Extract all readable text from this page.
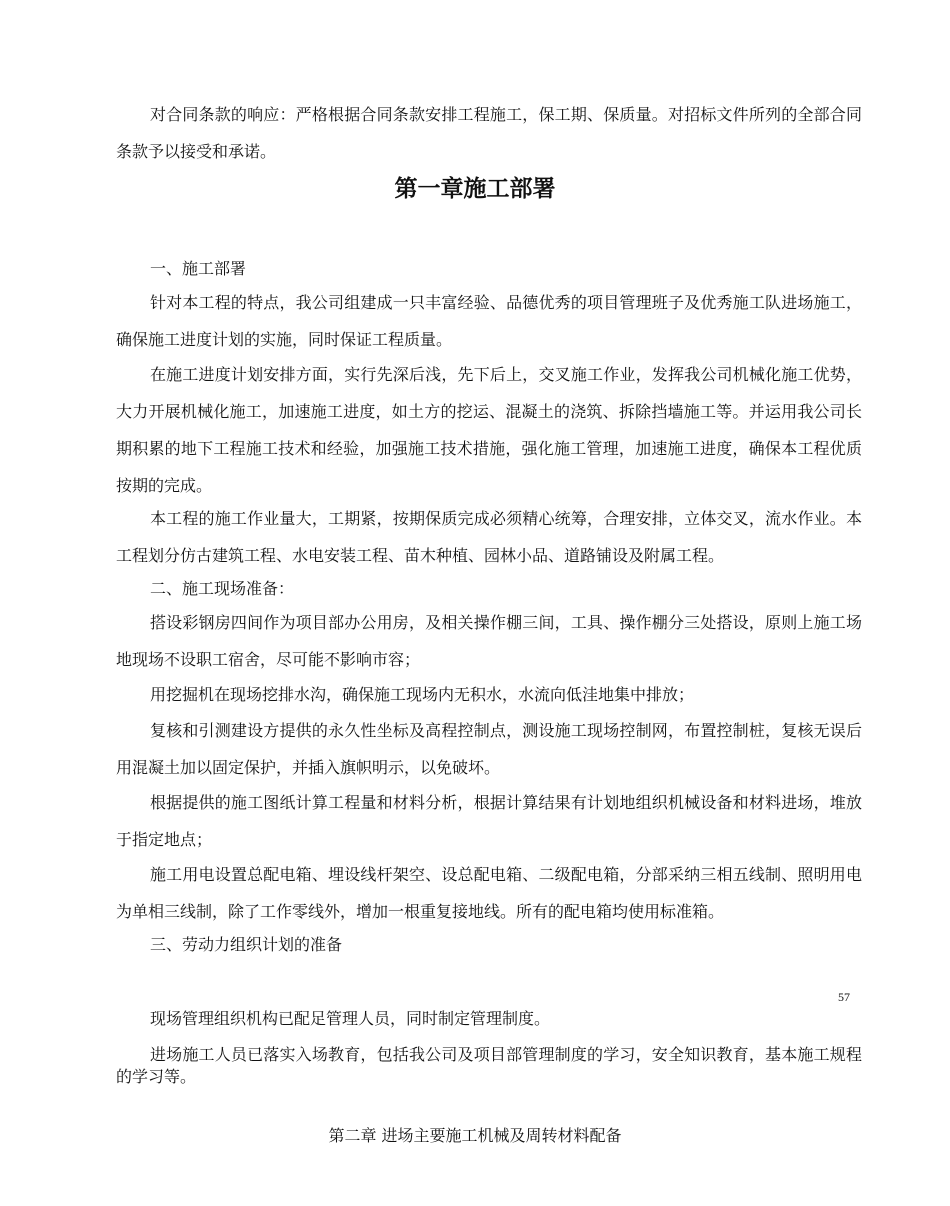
对合同条款的响应：严格根据合同条款安排工程施工，保工期、保质量。对招标文件所列的全部合同条款予以接受和承诺。

第一章施工部署

一、施工部署

针对本工程的特点，我公司组建成一只丰富经验、品德优秀的项目管理班子及优秀施工队进场施工，确保施工进度计划的实施，同时保证工程质量。

在施工进度计划安排方面，实行先深后浅，先下后上，交叉施工作业，发挥我公司机械化施工优势，大力开展机械化施工，加速施工进度，如土方的挖运、混凝土的浇筑、拆除挡墙施工等。并运用我公司长期积累的地下工程施工技术和经验，加强施工技术措施，强化施工管理，加速施工进度，确保本工程优质按期的完成。

本工程的施工作业量大，工期紧，按期保质完成必须精心统筹，合理安排，立体交叉，流水作业。本工程划分仿古建筑工程、水电安装工程、苗木种植、园林小品、道路铺设及附属工程。

二、施工现场准备：

搭设彩钢房四间作为项目部办公用房，及相关操作棚三间，工具、操作棚分三处搭设，原则上施工场地现场不设职工宿舍，尽可能不影响市容；

用挖掘机在现场挖排水沟，确保施工现场内无积水，水流向低洼地集中排放；

复核和引测建设方提供的永久性坐标及高程控制点，测设施工现场控制网，布置控制桩，复核无误后用混凝土加以固定保护，并插入旗帜明示，以免破坏。

根据提供的施工图纸计算工程量和材料分析，根据计算结果有计划地组织机械设备和材料进场，堆放于指定地点；

施工用电设置总配电箱、埋设线杆架空、设总配电箱、二级配电箱，分部采纳三相五线制、照明用电为单相三线制，除了工作零线外，增加一根重复接地线。所有的配电箱均使用标准箱。

三、劳动力组织计划的准备

57

现场管理组织机构已配足管理人员，同时制定管理制度。

进场施工人员已落实入场教育，包括我公司及项目部管理制度的学习，安全知识教育，基本施工规程的学习等。

第二章 进场主要施工机械及周转材料配备
